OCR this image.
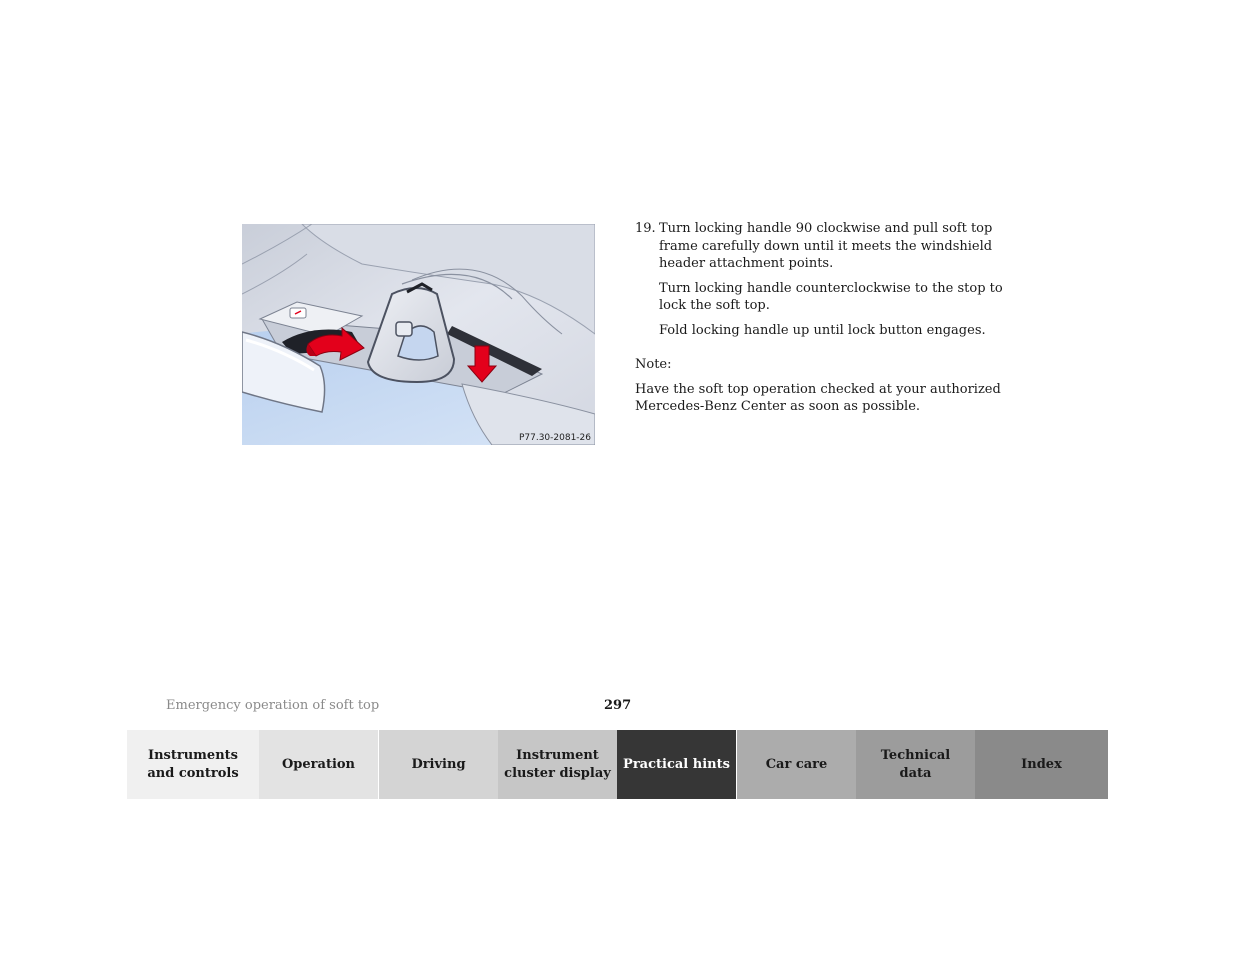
P77.30-2081-26
19. Turn locking handle 90 clockwise and pull soft top frame carefully down until it meets the windshield header attachment points.

Turn locking handle counterclockwise to the stop to lock the soft top.

Fold locking handle up until lock button engages.

Note:

Have the soft top operation checked at your authorized Mercedes-Benz Center as soon as possible.

Emergency operation of soft top	297
Instruments
and controls
Operation	Driving
Instrument
cluster display
Practical hints	Car care
Technical
data
Index
